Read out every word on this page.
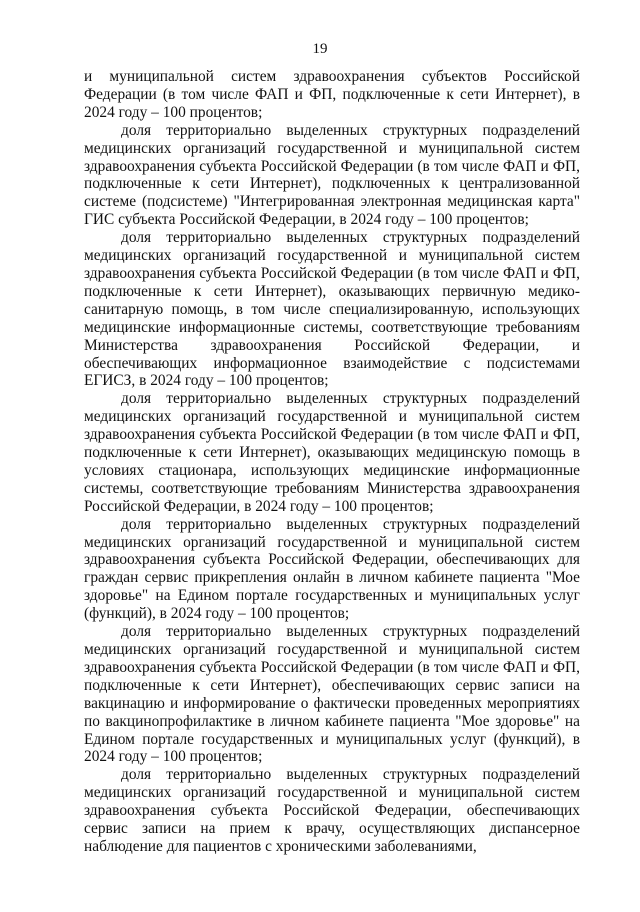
19

и муниципальной систем здравоохранения субъектов Российской Федерации (в том числе ФАП и ФП, подключенные к сети Интернет), в 2024 году – 100 процентов;

доля территориально выделенных структурных подразделений медицинских организаций государственной и муниципальной систем здравоохранения субъекта Российской Федерации (в том числе ФАП и ФП, подключенные к сети Интернет), подключенных к централизованной системе (подсистеме) "Интегрированная электронная медицинская карта" ГИС субъекта Российской Федерации, в 2024 году – 100 процентов;

доля территориально выделенных структурных подразделений медицинских организаций государственной и муниципальной систем здравоохранения субъекта Российской Федерации (в том числе ФАП и ФП, подключенные к сети Интернет), оказывающих первичную медико-санитарную помощь, в том числе специализированную, использующих медицинские информационные системы, соответствующие требованиям Министерства здравоохранения Российской Федерации, и обеспечивающих информационное взаимодействие с подсистемами ЕГИСЗ, в 2024 году – 100 процентов;

доля территориально выделенных структурных подразделений медицинских организаций государственной и муниципальной систем здравоохранения субъекта Российской Федерации (в том числе ФАП и ФП, подключенные к сети Интернет), оказывающих медицинскую помощь в условиях стационара, использующих медицинские информационные системы, соответствующие требованиям Министерства здравоохранения Российской Федерации, в 2024 году – 100 процентов;

доля территориально выделенных структурных подразделений медицинских организаций государственной и муниципальной систем здравоохранения субъекта Российской Федерации, обеспечивающих для граждан сервис прикрепления онлайн в личном кабинете пациента "Мое здоровье" на Едином портале государственных и муниципальных услуг (функций), в 2024 году – 100 процентов;

доля территориально выделенных структурных подразделений медицинских организаций государственной и муниципальной систем здравоохранения субъекта Российской Федерации (в том числе ФАП и ФП, подключенные к сети Интернет), обеспечивающих сервис записи на вакцинацию и информирование о фактически проведенных мероприятиях по вакцинопрофилактике в личном кабинете пациента "Мое здоровье" на Едином портале государственных и муниципальных услуг (функций), в 2024 году – 100 процентов;

доля территориально выделенных структурных подразделений медицинских организаций государственной и муниципальной систем здравоохранения субъекта Российской Федерации, обеспечивающих сервис записи на прием к врачу, осуществляющих диспансерное наблюдение для пациентов с хроническими заболеваниями,
